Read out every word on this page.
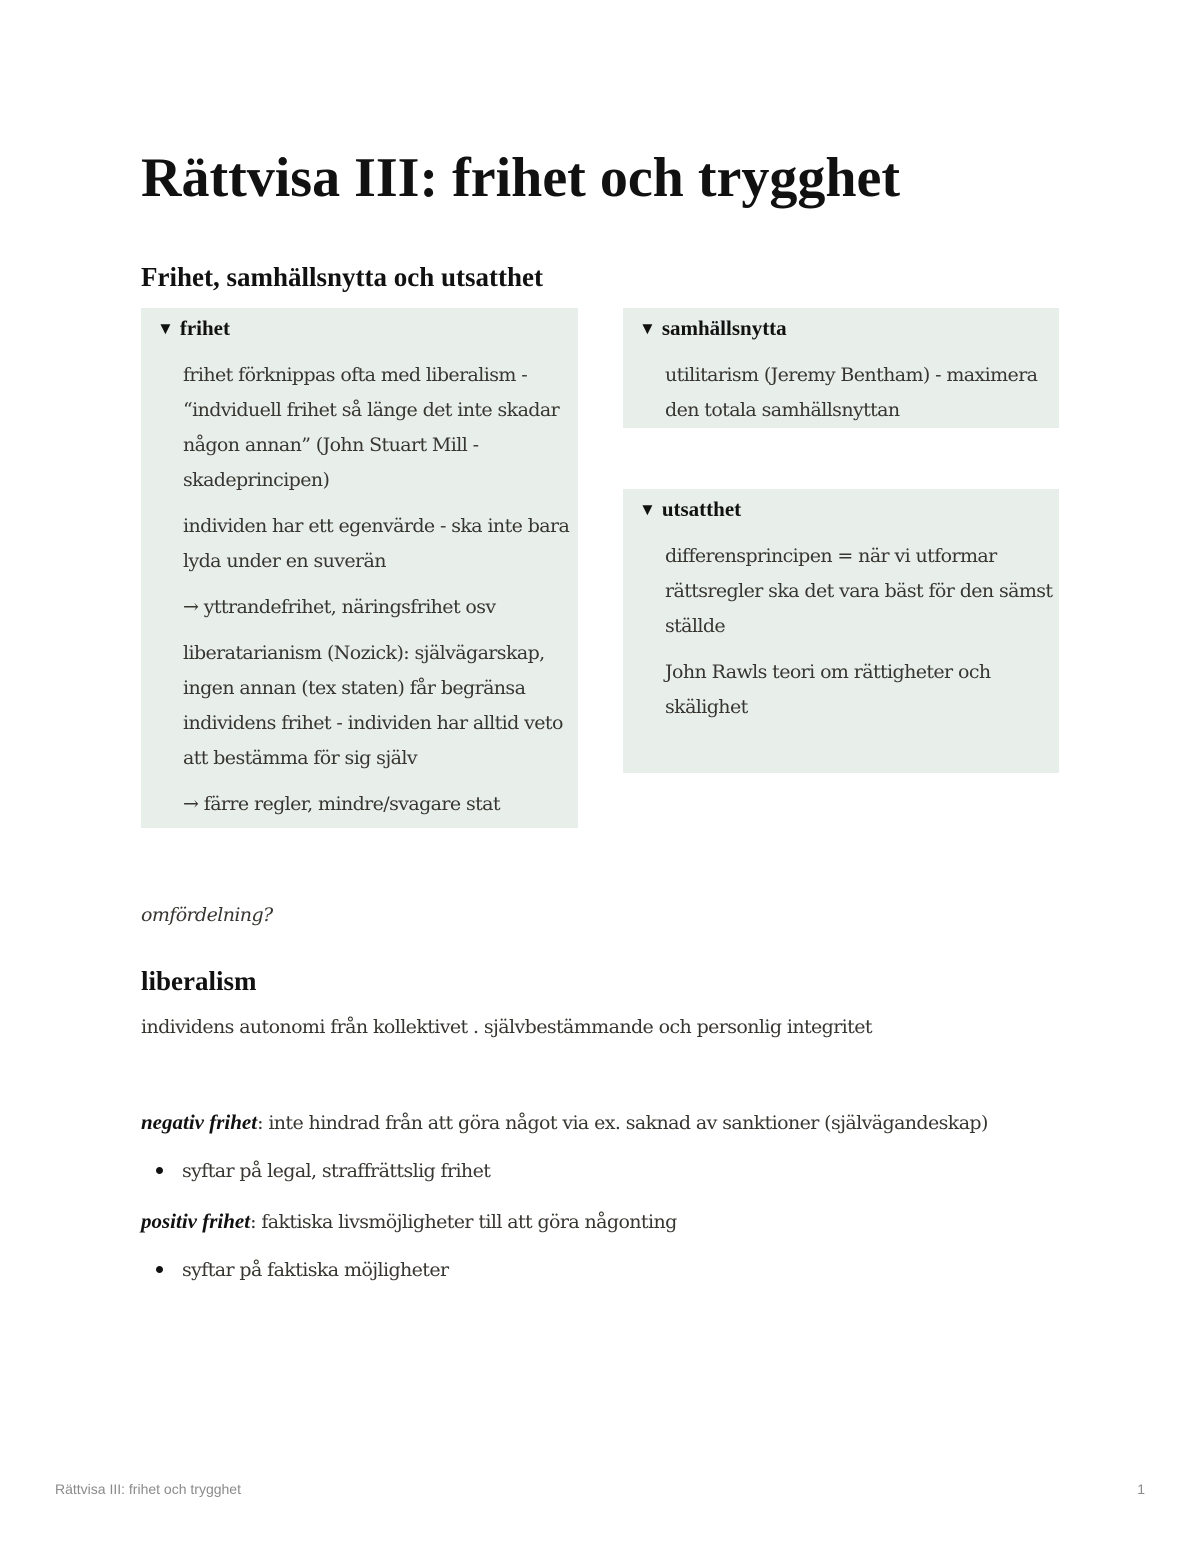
Rättvisa III: frihet och trygghet
Frihet, samhällsnytta och utsatthet
▼ frihet

frihet förknippas ofta med liberalism - “indviduell frihet så länge det inte skadar någon annan” (John Stuart Mill - skadeprincipen)

individen har ett egenvärde - ska inte bara lyda under en suverän

→ yttrandefrihet, näringsfrihet osv

liberatarianism (Nozick): självägarskap, ingen annan (tex staten) får begränsa individens frihet - individen har alltid veto att bestämma för sig själv

→ färre regler, mindre/svagare stat

▼ samhällsnytta

utilitarism (Jeremy Bentham) - maximera den totala samhällsnyttan

▼ utsatthet

differensprincipen = när vi utformar rättsregler ska det vara bäst för den sämst ställde

John Rawls teori om rättigheter och skälighet

omfördelning?

liberalism

individens autonomi från kollektivet . självbestämmande och personlig integritet

negativ frihet: inte hindrad från att göra något via ex. saknad av sanktioner (självägandeskap)

syftar på legal, straffrättslig frihet

positiv frihet: faktiska livsmöjligheter till att göra någonting

syftar på faktiska möjligheter

Rättvisa III: frihet och trygghet	1
